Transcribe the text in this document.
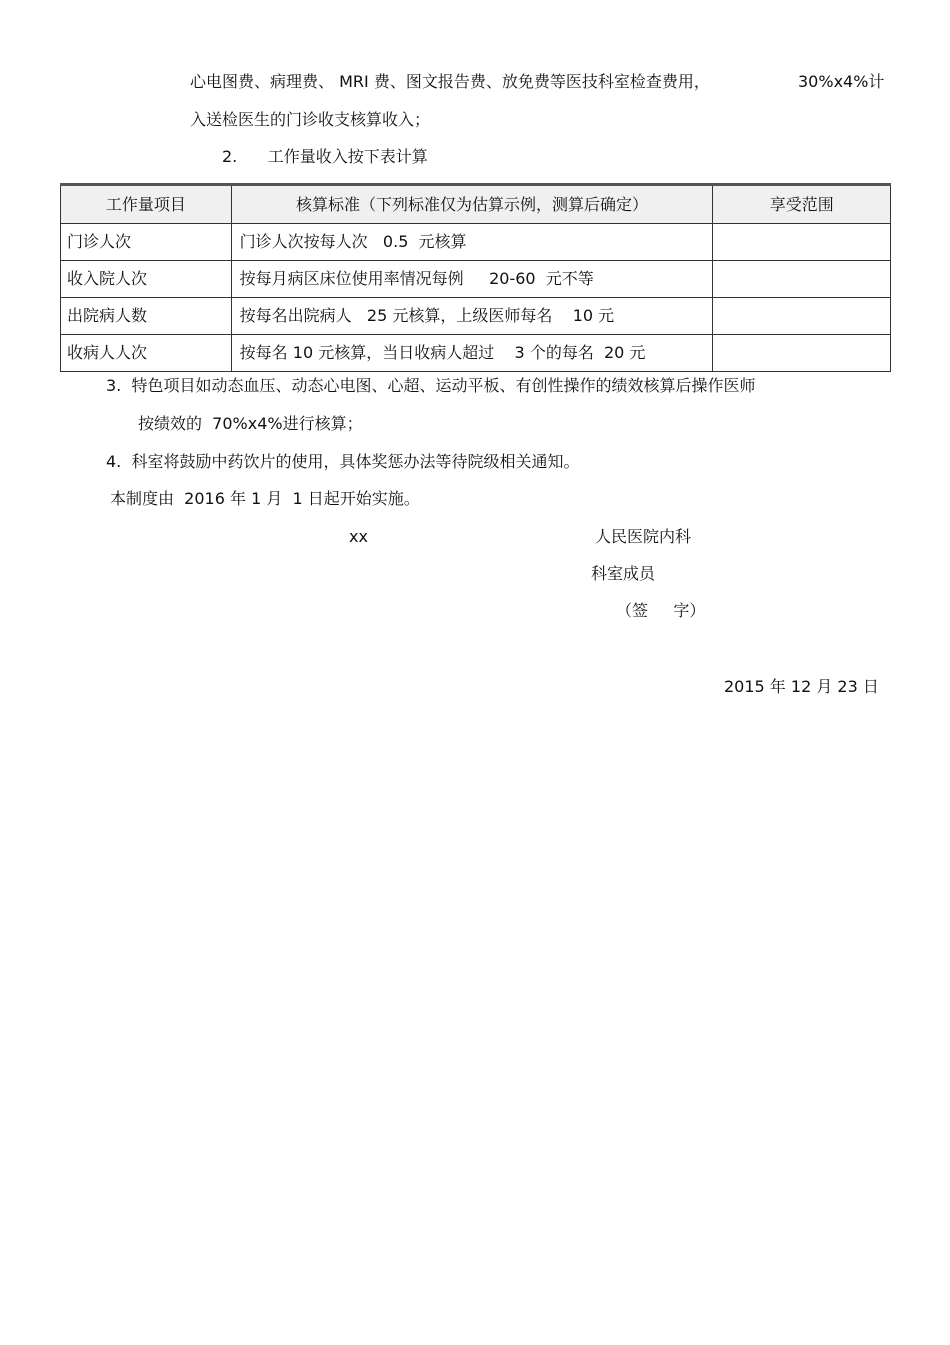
心电图费、病理费、 MRI 费、图文报告费、放免费等医技科室检查费用，	30%x4%计
入送检医生的门诊收支核算收入；
2.      工作量收入按下表计算
工作量项目	核算标准（下列标准仅为估算示例，测算后确定）	享受范围
门诊人次	门诊人次按每人次   0.5  元核算	
收入院人次	按每月病区床位使用率情况每例     20-60  元不等	
出院病人数	按每名出院病人   25 元核算，上级医师每名    10 元	
收病人人次	按每名 10 元核算，当日收病人超过    3 个的每名  20 元	
3.  特色项目如动态血压、动态心电图、心超、运动平板、有创性操作的绩效核算后操作医师
按绩效的  70%x4%进行核算；
4.  科室将鼓励中药饮片的使用，具体奖惩办法等待院级相关通知。
本制度由  2016 年 1 月  1 日起开始实施。
xx	人民医院内科
科室成员
（签     字）
2015 年 12 月 23 日
